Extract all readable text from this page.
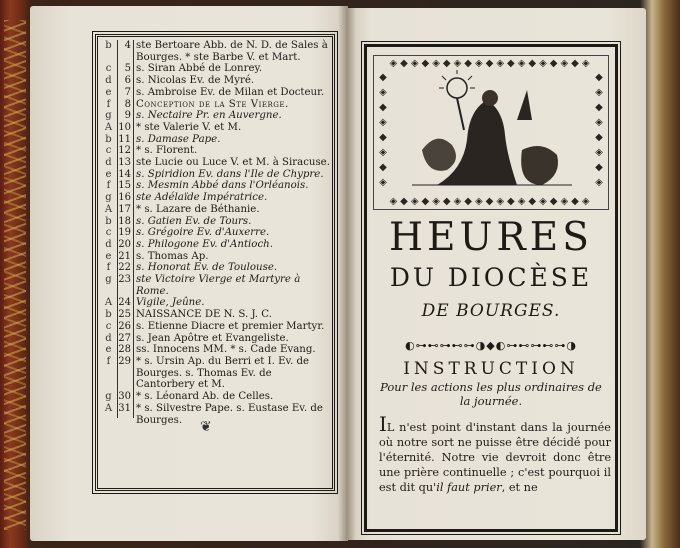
b	4 ste Bertoare Abb. de N. D. de Sales à Bourges. * ste Barbe V. et Mart.
c	5 s. Siran Abbé de Lonrey.
d	6 s. Nicolas Ev. de Myré.
e	7 s. Ambroise Ev. de Milan et Docteur.
f	8 Conception de la Ste Vierge.
g	9 s. Nectaire Pr. en Auvergne.
A 10 * ste Valerie V. et M.
b 11 s. Damase Pape.
c 12 * s. Florent.
d 13 ste Lucie ou Luce V. et M. à Siracuse.
e 14 s. Spiridion Ev. dans l'Ile de Chypre.
f 15 s. Mesmin Abbé dans l'Orléanois.
g 16 ste Adélaïde Impératrice.
A 17 * s. Lazare de Béthanie.
b 18 s. Gatien Ev. de Tours.
c 19 s. Grégoire Ev. d'Auxerre.
d 20 s. Philogone Ev. d'Antioch.
e 21 s. Thomas Ap.
f 22 s. Honorat Ev. de Toulouse.
g 23 ste Victoire Vierge et Martyre à Rome.
A 24 Vigile, Jeûne.
b 25 NAISSANCE DE N. S. J. C.
c 26 s. Etienne Diacre et premier Martyr.
d 27 s. Jean Apôtre et Evangeliste.
e 28 ss. Innocens MM. * s. Cade Evang.
f 29 * s. Ursin Ap. du Berri et I. Ev. de Bourges. s. Thomas Ev. de Cantorbery et M.
g 30 * s. Léonard Ab. de Celles.
A 31 * s. Silvestre Pape. s. Eustase Ev. de Bourges.	❦
◈◆◈◆◈◆◈◆◈◆◈◆◈◆◈◆◈◆◈
◈◆◈◆◈◆◈◆◈◆◈◆◈◆◈◆◈◆◈
◆
◈
◆
◈
◆
◈
◆
◈
◆
◈
◆
◈
◆
◈
◆
◈
HEURES
DU DIOCÈSE
DE BOURGES.
◐⊶⊷⊶⊷⊶◑◆◐⊶⊷⊶⊷⊶◑
INSTRUCTION
Pour les actions les plus ordinaires de la journée.
IL n'est point d'instant dans la journée où notre sort ne puisse être décidé pour l'éternité. Notre vie devroit donc être une prière continuelle ; c'est pourquoi il est dit qu'il faut prier, et ne
